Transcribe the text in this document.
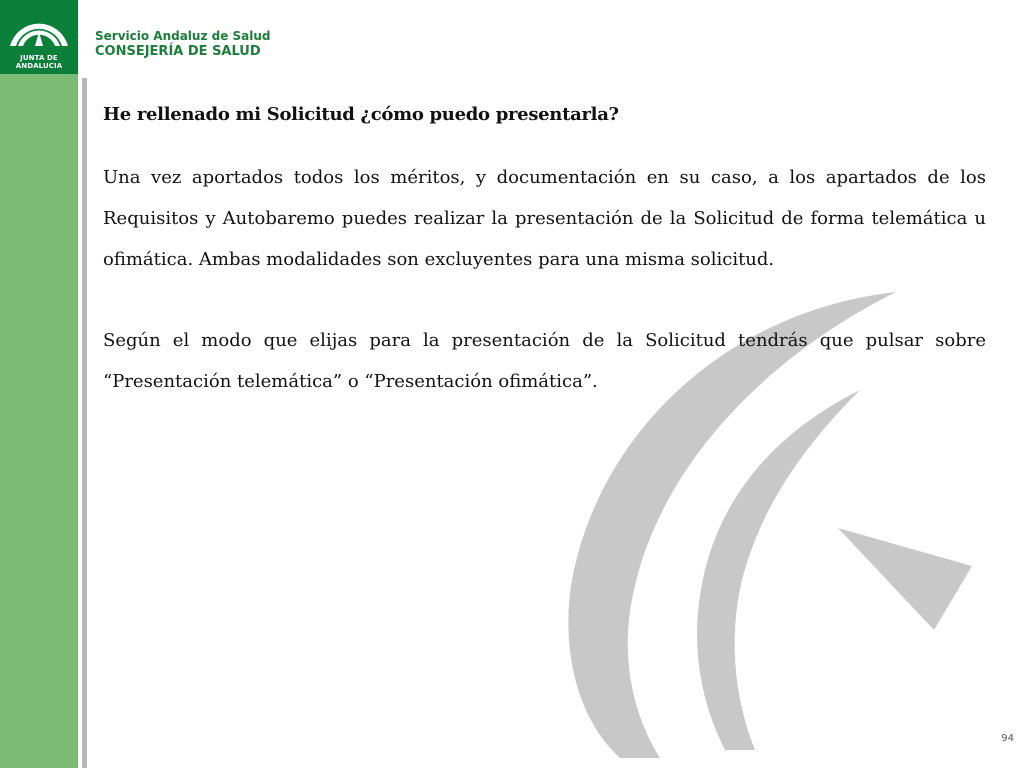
JUNTA DE ANDALUCIA
Servicio Andaluz de Salud
CONSEJERÍA DE SALUD
He rellenado mi Solicitud ¿cómo puedo presentarla?

Una vez aportados todos los méritos, y documentación en su caso, a los apartados de los Requisitos y Autobaremo puedes realizar la presentación de la Solicitud de forma telemática u ofimática. Ambas modalidades son excluyentes para una misma solicitud.

Según el modo que elijas para la presentación de la Solicitud tendrás que pulsar sobre “Presentación telemática” o “Presentación ofimática”.

94
